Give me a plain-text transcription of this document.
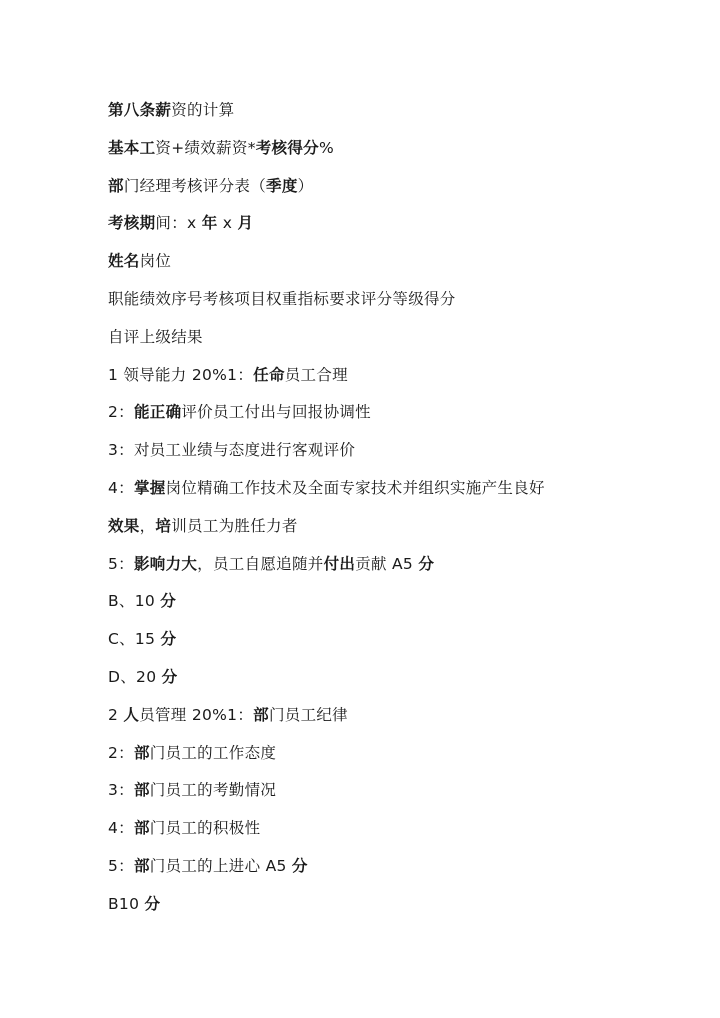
第八条薪资的计算
基本工资+绩效薪资*考核得分%
部门经理考核评分表（季度）
考核期间：x 年 x 月
姓名岗位
职能绩效序号考核项目权重指标要求评分等级得分
自评上级结果
1 领导能力 20%1：任命员工合理
2：能正确评价员工付出与回报协调性
3：对员工业绩与态度进行客观评价
4：掌握岗位精确工作技术及全面专家技术并组织实施产生良好
效果，培训员工为胜任力者
5：影响力大，员工自愿追随并付出贡献 A5 分
B、10 分
C、15 分
D、20 分
2 人员管理 20%1：部门员工纪律
2：部门员工的工作态度
3：部门员工的考勤情况
4：部门员工的积极性
5：部门员工的上进心 A5 分
B10 分
